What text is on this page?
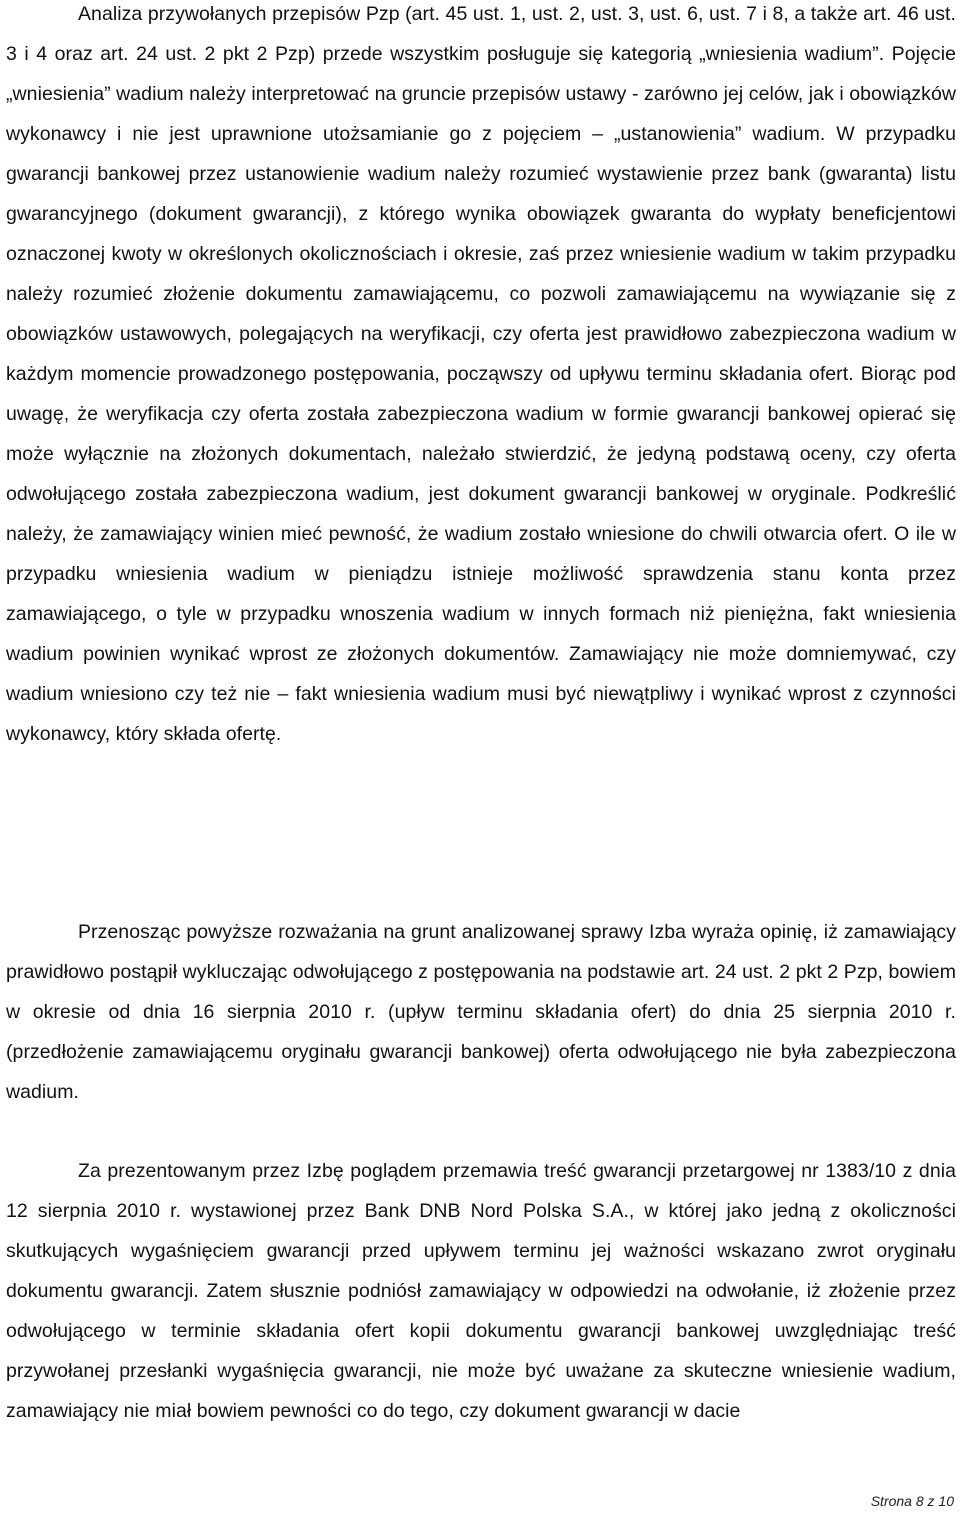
Analiza przywołanych przepisów Pzp (art. 45 ust. 1, ust. 2, ust. 3, ust. 6, ust. 7 i 8, a także art. 46 ust. 3 i 4 oraz art. 24 ust. 2 pkt 2 Pzp) przede wszystkim posługuje się kategorią „wniesienia wadium”. Pojęcie „wniesienia” wadium należy interpretować na gruncie przepisów ustawy - zarówno jej celów, jak i obowiązków wykonawcy i nie jest uprawnione utożsamianie go z pojęciem – „ustanowienia” wadium. W przypadku gwarancji bankowej przez ustanowienie wadium należy rozumieć wystawienie przez bank (gwaranta) listu gwarancyjnego (dokument gwarancji), z którego wynika obowiązek gwaranta do wypłaty beneficjentowi oznaczonej kwoty w określonych okolicznościach i okresie, zaś przez wniesienie wadium w takim przypadku należy rozumieć złożenie dokumentu zamawiającemu, co pozwoli zamawiającemu na wywiązanie się z obowiązków ustawowych, polegających na weryfikacji, czy oferta jest prawidłowo zabezpieczona wadium w każdym momencie prowadzonego postępowania, począwszy od upływu terminu składania ofert. Biorąc pod uwagę, że weryfikacja czy oferta została zabezpieczona wadium w formie gwarancji bankowej opierać się może wyłącznie na złożonych dokumentach, należało stwierdzić, że jedyną podstawą oceny, czy oferta odwołującego została zabezpieczona wadium, jest dokument gwarancji bankowej w oryginale. Podkreślić należy, że zamawiający winien mieć pewność, że wadium zostało wniesione do chwili otwarcia ofert. O ile w przypadku wniesienia wadium w pieniądzu istnieje możliwość sprawdzenia stanu konta przez zamawiającego, o tyle w przypadku wnoszenia wadium w innych formach niż pieniężna, fakt wniesienia wadium powinien wynikać wprost ze złożonych dokumentów. Zamawiający nie może domniemywać, czy wadium wniesiono czy też nie – fakt wniesienia wadium musi być niewątpliwy i wynikać wprost z czynności wykonawcy, który składa ofertę.

Przenosząc powyższe rozważania na grunt analizowanej sprawy Izba wyraża opinię, iż zamawiający prawidłowo postąpił wykluczając odwołującego z postępowania na podstawie art. 24 ust. 2 pkt 2 Pzp, bowiem w okresie od dnia 16 sierpnia 2010 r. (upływ terminu składania ofert) do dnia 25 sierpnia 2010 r. (przedłożenie zamawiającemu oryginału gwarancji bankowej) oferta odwołującego nie była zabezpieczona wadium.

Za prezentowanym przez Izbę poglądem przemawia treść gwarancji przetargowej nr 1383/10 z dnia 12 sierpnia 2010 r. wystawionej przez Bank DNB Nord Polska S.A., w której jako jedną z okoliczności skutkujących wygaśnięciem gwarancji przed upływem terminu jej ważności wskazano zwrot oryginału dokumentu gwarancji. Zatem słusznie podniósł zamawiający w odpowiedzi na odwołanie, iż złożenie przez odwołującego w terminie składania ofert kopii dokumentu gwarancji bankowej uwzględniając treść przywołanej przesłanki wygaśnięcia gwarancji, nie może być uważane za skuteczne wniesienie wadium, zamawiający nie miał bowiem pewności co do tego, czy dokument gwarancji w dacie

Strona 8 z 10
